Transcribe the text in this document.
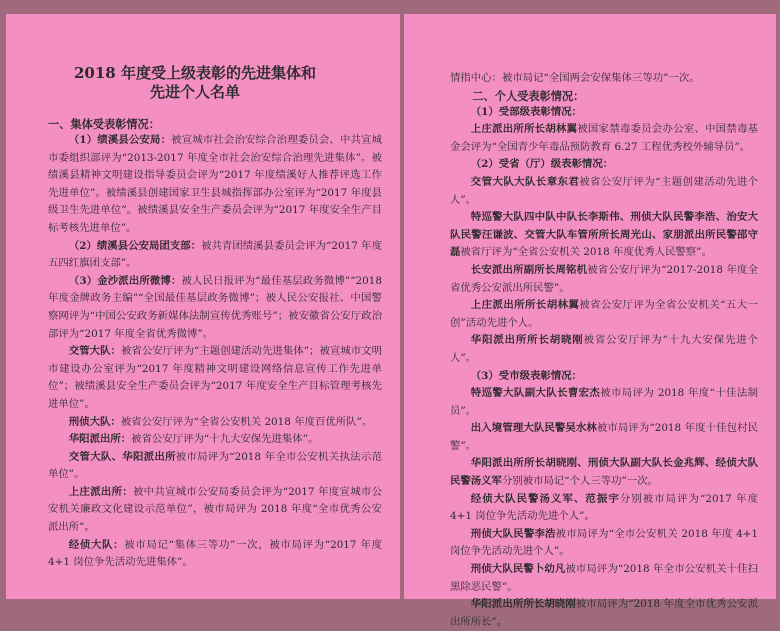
2018 年度受上级表彰的先进集体和
先进个人名单

一、集体受表彰情况：

（1）绩溪县公安局：被宣城市社会治安综合治理委员会、中共宣城市委组织部评为“2013-2017 年度全市社会治安综合治理先进集体”。被绩溪县精神文明建设指导委员会评为“2017 年度绩溪好人推荐评选工作先进单位”。被绩溪县创建国家卫生县城指挥部办公室评为“2017 年度县级卫生先进单位”。被绩溪县安全生产委员会评为“2017 年度安全生产目标考核先进单位”。

（2）绩溪县公安局团支部：被共青团绩溪县委员会评为“2017 年度五四红旗团支部”。

（3）金沙派出所微博：被人民日报评为“最佳基层政务微博”“2018 年度金牌政务主编”“全国最佳基层政务微博”；被人民公安报社、中国警察网评为“中国公安政务新媒体法制宣传优秀账号”；被安徽省公安厅政治部评为“2017 年度全省优秀微博”。

交管大队：被省公安厅评为“主题创建活动先进集体”；被宣城市文明市建设办公室评为“2017 年度精神文明建设网络信息宣传工作先进单位”；被绩溪县安全生产委员会评为“2017 年度安全生产目标管理考核先进单位”。

刑侦大队：被省公安厅评为“全省公安机关 2018 年度百优所队”。

华阳派出所：被省公安厅评为“十九大安保先进集体”。

交管大队、华阳派出所被市局评为“2018 年全市公安机关执法示范单位”。

上庄派出所：被中共宣城市公安局委员会评为“2017 年度宣城市公安机关廉政文化建设示范单位”，被市局评为 2018 年度“全市优秀公安派出所”。

经侦大队：被市局记“集体三等功”一次，被市局评为“2017 年度 4+1 岗位争先活动先进集体”。

情指中心：被市局记“全国两会安保集体三等功”一次。

二、个人受表彰情况：

（1）受部级表彰情况：

上庄派出所所长胡林翼被国家禁毒委员会办公室、中国禁毒基金会评为“全国青少年毒品预防教育 6.27 工程优秀校外辅导员”。

（2）受省（厅）级表彰情况：

交管大队大队长章东君被省公安厅评为“主题创建活动先进个人”。

特巡警大队四中队中队长李斯伟、刑侦大队民警李浩、治安大队民警汪谦波、交管大队车管所所长周光山、家朋派出所民警邵守磊被省厅评为“全省公安机关 2018 年度优秀人民警察”。

长安派出所副所长周铭机被省公安厅评为“2017-2018 年度全省优秀公安派出所民警”。

上庄派出所所长胡林翼被省公安厅评为全省公安机关“五大一创”活动先进个人。

华阳派出所所长胡晓刚被省公安厅评为“十九大安保先进个人”。

（3）受市级表彰情况：

特巡警大队副大队长曹宏杰被市局评为 2018 年度“十佳法制员”。

出入境管理大队民警吴水林被市局评为“2018 年度十佳包村民警”。

华阳派出所所长胡晓刚、刑侦大队副大队长金兆辉、经侦大队民警汤义军分别被市局记“个人三等功”一次。

经侦大队民警汤义军、范振宇分别被市局评为“2017 年度 4+1 岗位争先活动先进个人”。

刑侦大队民警李浩被市局评为“全市公安机关 2018 年度 4+1 岗位争先活动先进个人”。

刑侦大队民警卜幼凡被市局评为“2018 年全市公安机关十佳扫黑除恶民警”。

华阳派出所所长胡晓刚被市局评为“2018 年度全市优秀公安派出所所长”。
